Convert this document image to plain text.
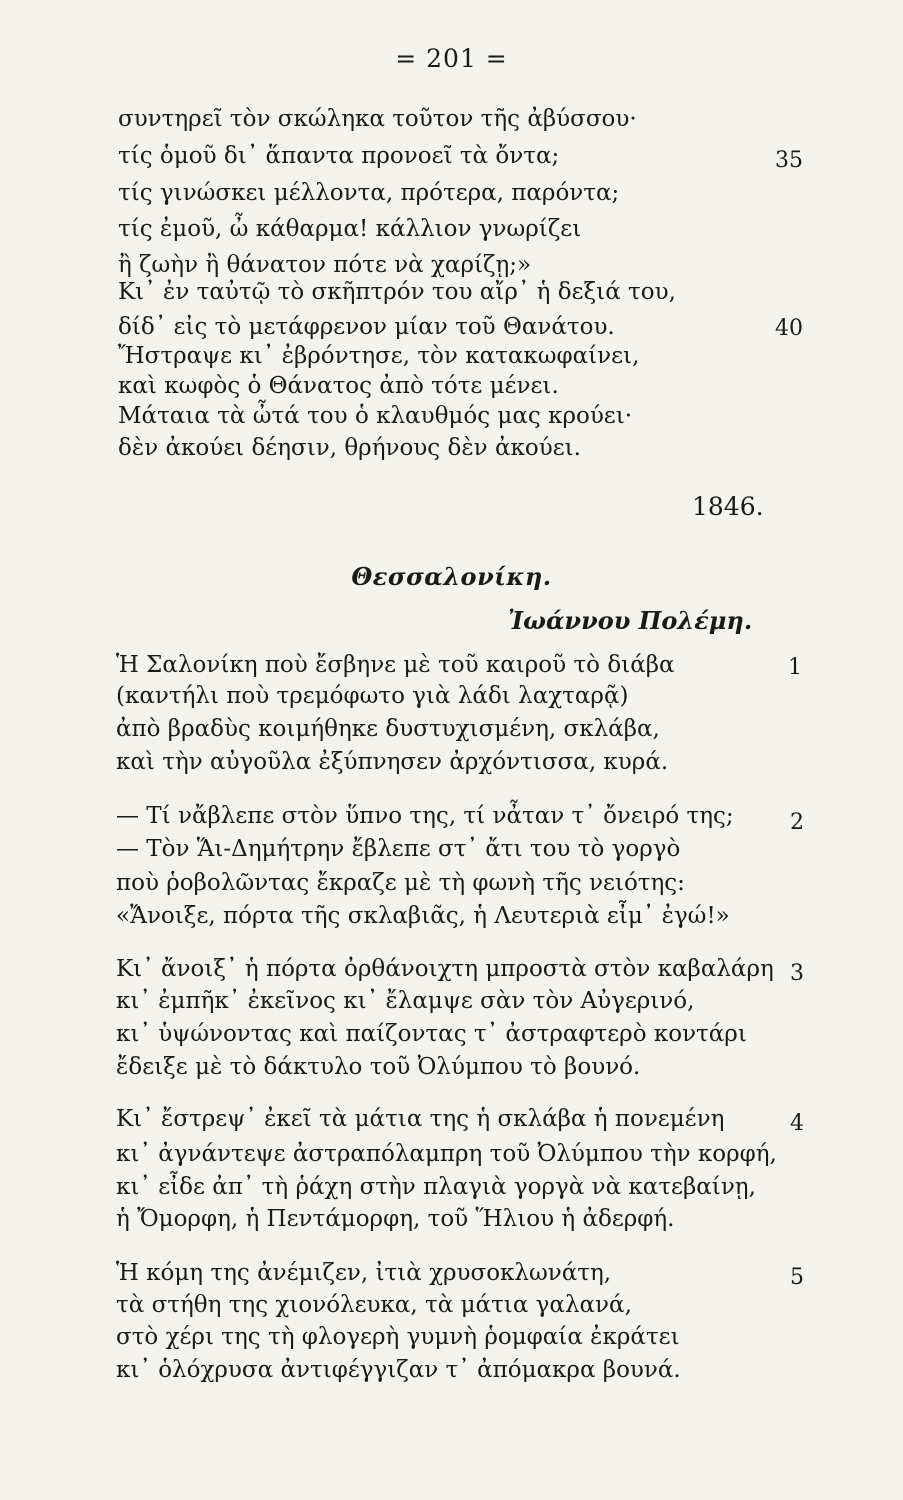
= 201 =
συντηρεῖ τὸν σκώληκα τοῦτον τῆς ἀβύσσου·
τίς ὁμοῦ δι᾽ ἅπαντα προνοεῖ τὰ ὄντα;
τίς γινώσκει μέλλοντα, πρότερα, παρόντα;
τίς ἐμοῦ, ὦ κάθαρμα! κάλλιον γνωρίζει
ἢ ζωὴν ἢ θάνατον πότε νὰ χαρίζῃ;»
Κι᾽ ἐν ταὐτῷ τὸ σκῆπτρόν του αἴρ᾽ ἡ δεξιά του,
δίδ᾽ εἰς τὸ μετάφρενον μίαν τοῦ Θανάτου.
Ἤστραψε κι᾽ ἐβρόντησε, τὸν κατακωφαίνει,
καὶ κωφὸς ὁ Θάνατος ἀπὸ τότε μένει.
Μάταια τὰ ὦτά του ὁ κλαυθμός μας κρούει·
δὲν ἀκούει δέησιν, θρήνους δὲν ἀκούει.
35
40
1846.
Θεσσαλονίκη.
Ἰωάννου Πολέμη.
Ἡ Σαλονίκη ποὺ ἔσβηνε μὲ τοῦ καιροῦ τὸ διάβα
(καντήλι ποὺ τρεμόφωτο γιὰ λάδι λαχταρᾷ)
ἀπὸ βραδὺς κοιμήθηκε δυστυχισμένη, σκλάβα,
καὶ τὴν αὐγοῦλα ἐξύπνησεν ἀρχόντισσα, κυρά.
1
— Τί νἄβλεπε στὸν ὕπνο της, τί νἆταν τ᾽ ὄνειρό της;
— Τὸν Ἅι-Δημήτρην ἔβλεπε στ᾽ ἄτι του τὸ γοργὸ
ποὺ ῥοβολῶντας ἔκραζε μὲ τὴ φωνὴ τῆς νειότης:
«Ἄνοιξε, πόρτα τῆς σκλαβιᾶς, ἡ Λευτεριὰ εἶμ᾽ ἐγώ!»
2
Κι᾽ ἄνοιξ᾽ ἡ πόρτα ὀρθάνοιχτη μπροστὰ στὸν καβαλάρη
κι᾽ ἐμπῆκ᾽ ἐκεῖνος κι᾽ ἔλαμψε σὰν τὸν Αὐγερινό,
κι᾽ ὑψώνοντας καὶ παίζοντας τ᾽ ἀστραφτερὸ κοντάρι
ἔδειξε μὲ τὸ δάκτυλο τοῦ Ὀλύμπου τὸ βουνό.
3
Κι᾽ ἔστρεψ᾽ ἐκεῖ τὰ μάτια της ἡ σκλάβα ἡ πονεμένη
κι᾽ ἀγνάντεψε ἀστραπόλαμπρη τοῦ Ὀλύμπου τὴν κορφή,
κι᾽ εἶδε ἀπ᾽ τὴ ῥάχη στὴν πλαγιὰ γοργὰ νὰ κατεβαίνῃ,
ἡ Ὄμορφη, ἡ Πεντάμορφη, τοῦ Ἥλιου ἡ ἀδερφή.
4
Ἡ κόμη της ἀνέμιζεν, ἰτιὰ χρυσοκλωνάτη,
τὰ στήθη της χιονόλευκα, τὰ μάτια γαλανά,
στὸ χέρι της τὴ φλογερὴ γυμνὴ ῥομφαία ἐκράτει
κι᾽ ὁλόχρυσα ἀντιφέγγιζαν τ᾽ ἀπόμακρα βουνά.
5
